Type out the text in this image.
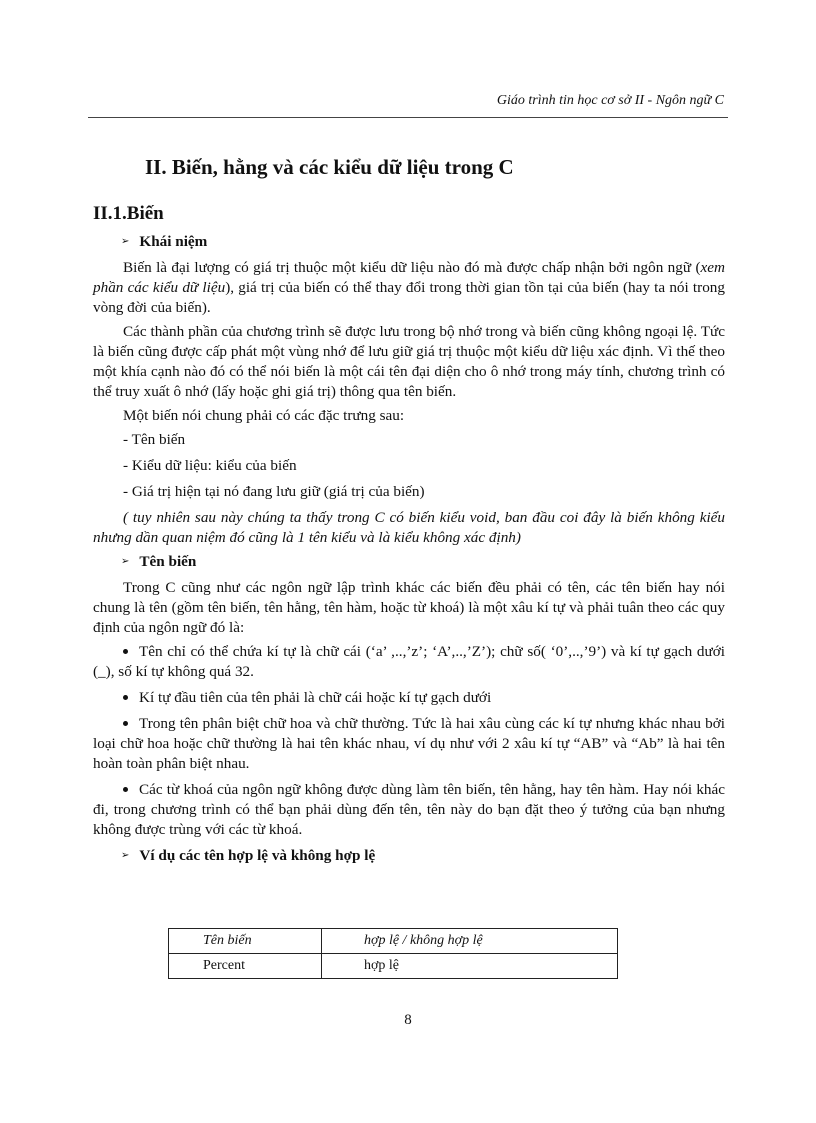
Giáo trình tin học cơ sở II - Ngôn ngữ C
II. Biến, hằng và các kiểu dữ liệu trong C
II.1.Biến

➢ Khái niệm

Biến là đại lượng có giá trị thuộc một kiểu dữ liệu nào đó mà được chấp nhận bởi ngôn ngữ (xem phần các kiểu dữ liệu), giá trị của biến có thể thay đổi trong thời gian tồn tại của biến (hay ta nói trong vòng đời của biến).

Các thành phần của chương trình sẽ được lưu trong bộ nhớ trong và biến cũng không ngoại lệ. Tức là biến cũng được cấp phát một vùng nhớ để lưu giữ giá trị thuộc một kiểu dữ liệu xác định. Vì thế theo một khía cạnh nào đó có thể nói biến là một cái tên đại diện cho ô nhớ trong máy tính, chương trình có thể truy xuất ô nhớ (lấy hoặc ghi giá trị) thông qua tên biến.

Một biến nói chung phải có các đặc trưng sau:

- Tên biến

- Kiểu dữ liệu: kiểu của biến

- Giá trị hiện tại nó đang lưu giữ (giá trị của biến)

( tuy nhiên sau này chúng ta thấy trong C có biến kiểu void, ban đầu coi đây là biến không kiểu nhưng dần quan niệm đó cũng là 1 tên kiểu và là kiểu không xác định)

➢ Tên biến

Trong C cũng như các ngôn ngữ lập trình khác các biến đều phải có tên, các tên biến hay nói chung là tên (gồm tên biến, tên hằng, tên hàm, hoặc từ khoá) là một xâu kí tự và phải tuân theo các quy định của ngôn ngữ đó là:

Tên chỉ có thể chứa kí tự là chữ cái (‘a’ ,..,’z’; ‘A’,..,’Z’); chữ số( ‘0’,..,’9’) và kí tự gạch dưới (_), số kí tự không quá 32.

Kí tự đầu tiên của tên phải là chữ cái hoặc kí tự gạch dưới

Trong tên phân biệt chữ hoa và chữ thường. Tức là hai xâu cùng các kí tự nhưng khác nhau bởi loại chữ hoa hoặc chữ thường là hai tên khác nhau, ví dụ như với 2 xâu kí tự “AB” và “Ab” là hai tên hoàn toàn phân biệt nhau.

Các từ khoá của ngôn ngữ không được dùng làm tên biến, tên hằng, hay tên hàm. Hay nói khác đi, trong chương trình có thể bạn phải dùng đến tên, tên này do bạn đặt theo ý tưởng của bạn nhưng không được trùng với các từ khoá.

➢ Ví dụ các tên hợp lệ và không hợp lệ

Tên biến	hợp lệ / không hợp lệ
Percent	hợp lệ
8
